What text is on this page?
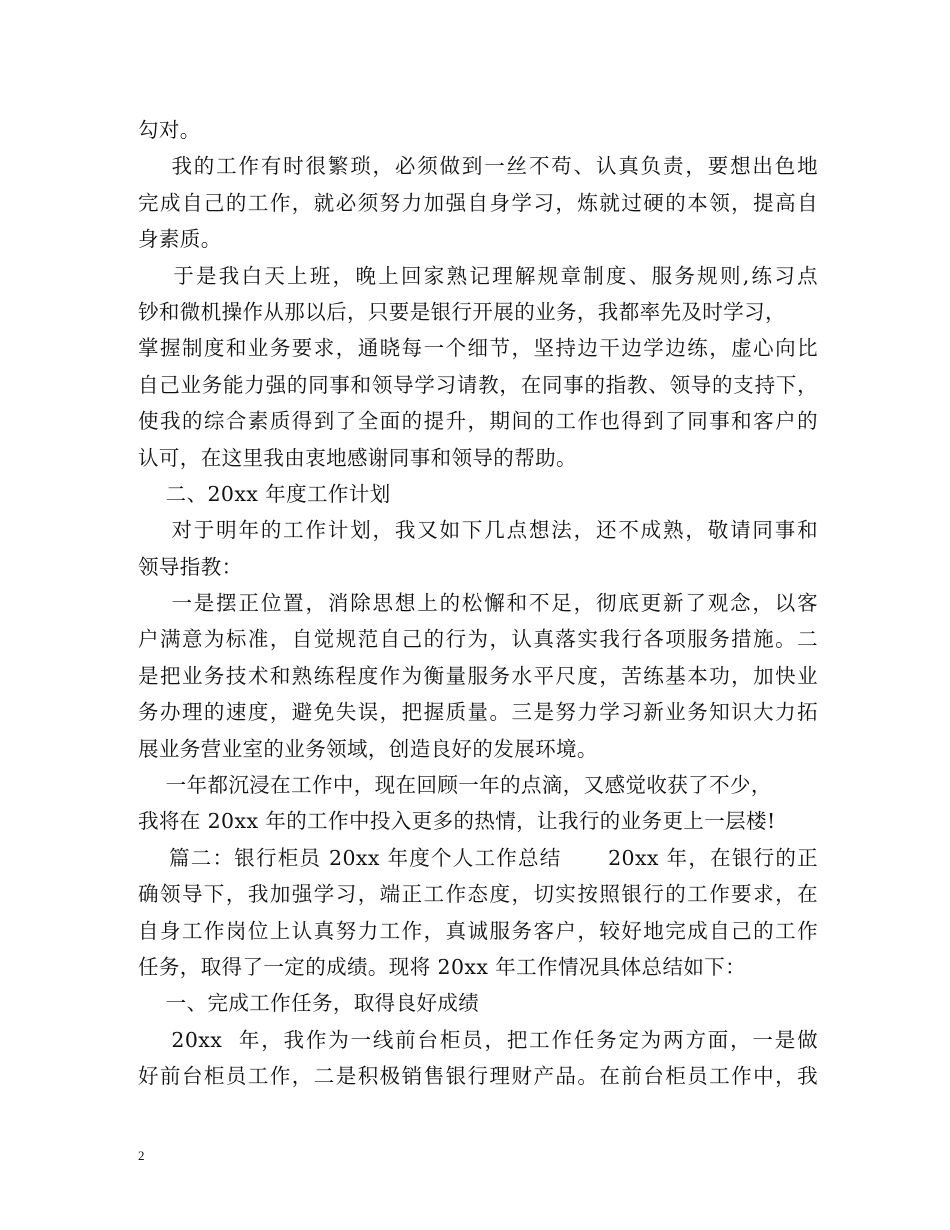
勾对。
我的工作有时很繁琐，必须做到一丝不苟、认真负责，要想出色地
完成自己的工作，就必须努力加强自身学习，炼就过硬的本领，提高自
身素质。
于是我白天上班，晚上回家熟记理解规章制度、服务规则,练习点
钞和微机操作从那以后，只要是银行开展的业务，我都率先及时学习，
掌握制度和业务要求，通晓每一个细节，坚持边干边学边练，虚心向比
自己业务能力强的同事和领导学习请教，在同事的指教、领导的支持下，
使我的综合素质得到了全面的提升，期间的工作也得到了同事和客户的
认可，在这里我由衷地感谢同事和领导的帮助。
二、20xx 年度工作计划
对于明年的工作计划，我又如下几点想法，还不成熟，敬请同事和
领导指教：
一是摆正位置，消除思想上的松懈和不足，彻底更新了观念，以客
户满意为标准，自觉规范自己的行为，认真落实我行各项服务措施。二
是把业务技术和熟练程度作为衡量服务水平尺度，苦练基本功，加快业
务办理的速度，避免失误，把握质量。三是努力学习新业务知识大力拓
展业务营业室的业务领域，创造良好的发展环境。
一年都沉浸在工作中，现在回顾一年的点滴，又感觉收获了不少，
我将在 20xx 年的工作中投入更多的热情，让我行的业务更上一层楼!
篇二：银行柜员 20xx 年度个人工作总结      20xx 年，在银行的正
确领导下，我加强学习，端正工作态度，切实按照银行的工作要求，在
自身工作岗位上认真努力工作，真诚服务客户，较好地完成自己的工作
任务，取得了一定的成绩。现将 20xx 年工作情况具体总结如下：
一、完成工作任务，取得良好成绩
20xx  年，我作为一线前台柜员，把工作任务定为两方面，一是做
好前台柜员工作，二是积极销售银行理财产品。在前台柜员工作中，我
2
